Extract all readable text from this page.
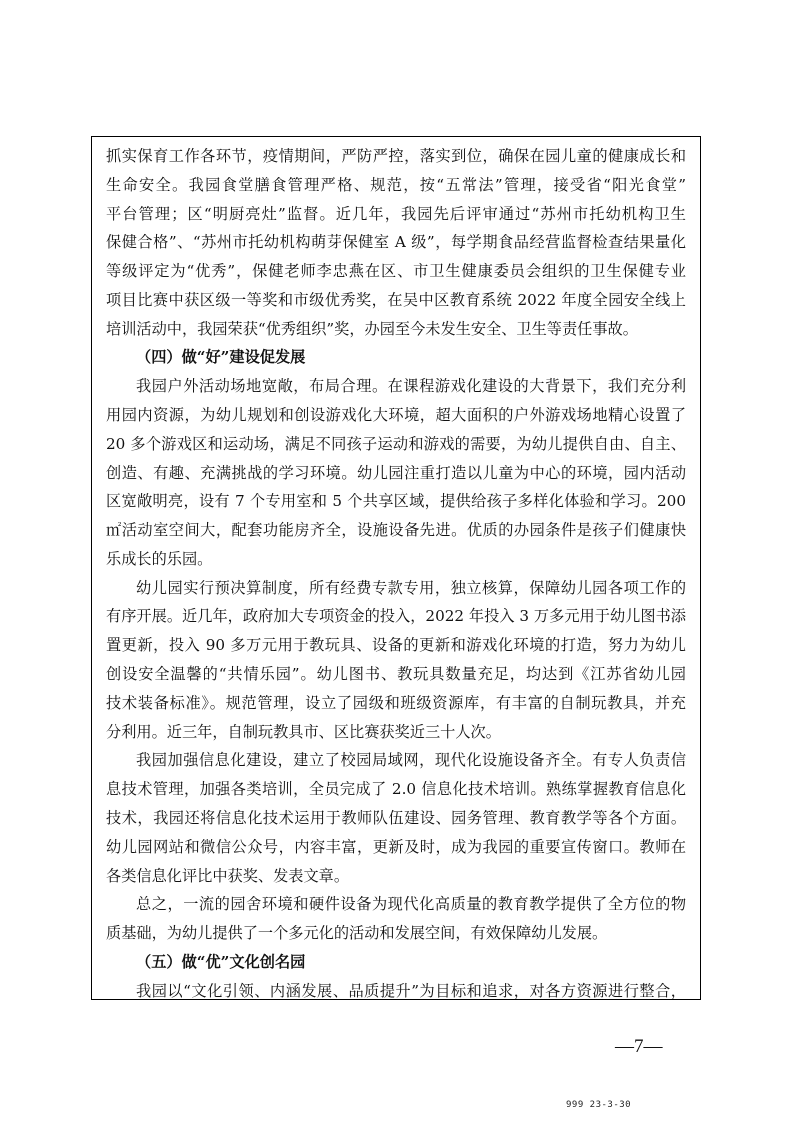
抓实保育工作各环节，疫情期间，严防严控，落实到位，确保在园儿童的健康成长和
生命安全。我园食堂膳食管理严格、规范，按“五常法”管理，接受省“阳光食堂”
平台管理；区“明厨亮灶”监督。近几年，我园先后评审通过“苏州市托幼机构卫生
保健合格”、“苏州市托幼机构萌芽保健室 A 级”，每学期食品经营监督检查结果量化
等级评定为“优秀”，保健老师李忠燕在区、市卫生健康委员会组织的卫生保健专业
项目比赛中获区级一等奖和市级优秀奖，在吴中区教育系统 2022 年度全园安全线上
培训活动中，我园荣获“优秀组织”奖，办园至今未发生安全、卫生等责任事故。
（四）做“好”建设促发展
我园户外活动场地宽敞，布局合理。在课程游戏化建设的大背景下，我们充分利
用园内资源，为幼儿规划和创设游戏化大环境，超大面积的户外游戏场地精心设置了
20 多个游戏区和运动场，满足不同孩子运动和游戏的需要，为幼儿提供自由、自主、
创造、有趣、充满挑战的学习环境。幼儿园注重打造以儿童为中心的环境，园内活动
区宽敞明亮，设有 7 个专用室和 5 个共享区域，提供给孩子多样化体验和学习。200
㎡活动室空间大，配套功能房齐全，设施设备先进。优质的办园条件是孩子们健康快
乐成长的乐园。
幼儿园实行预决算制度，所有经费专款专用，独立核算，保障幼儿园各项工作的
有序开展。近几年，政府加大专项资金的投入，2022 年投入 3 万多元用于幼儿图书添
置更新，投入 90 多万元用于教玩具、设备的更新和游戏化环境的打造，努力为幼儿
创设安全温馨的“共情乐园”。幼儿图书、教玩具数量充足，均达到《江苏省幼儿园
技术装备标准》。规范管理，设立了园级和班级资源库，有丰富的自制玩教具，并充
分利用。近三年，自制玩教具市、区比赛获奖近三十人次。
我园加强信息化建设，建立了校园局域网，现代化设施设备齐全。有专人负责信
息技术管理，加强各类培训，全员完成了 2.0 信息化技术培训。熟练掌握教育信息化
技术，我园还将信息化技术运用于教师队伍建设、园务管理、教育教学等各个方面。
幼儿园网站和微信公众号，内容丰富，更新及时，成为我园的重要宣传窗口。教师在
各类信息化评比中获奖、发表文章。
总之，一流的园舍环境和硬件设备为现代化高质量的教育教学提供了全方位的物
质基础，为幼儿提供了一个多元化的活动和发展空间，有效保障幼儿发展。
（五）做“优”文化创名园
我园以“文化引领、内涵发展、品质提升”为目标和追求，对各方资源进行整合，
—7—
999 23-3-30
